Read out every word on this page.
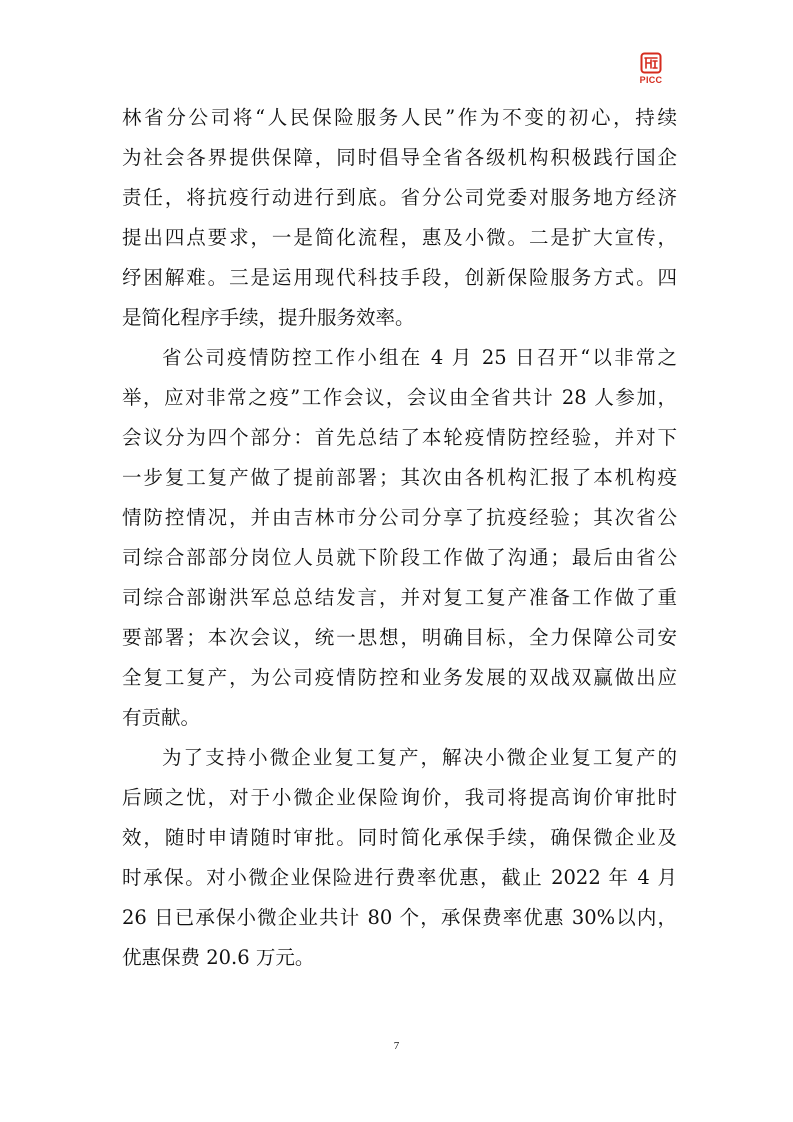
PICC
林省分公司将“人民保险服务人民”作为不变的初心，持续
为社会各界提供保障，同时倡导全省各级机构积极践行国企
责任，将抗疫行动进行到底。省分公司党委对服务地方经济
提出四点要求，一是简化流程，惠及小微。二是扩大宣传，
纾困解难。三是运用现代科技手段，创新保险服务方式。四
是简化程序手续，提升服务效率。
省公司疫情防控工作小组在 4 月 25 日召开“以非常之
举，应对非常之疫”工作会议，会议由全省共计 28 人参加，
会议分为四个部分：首先总结了本轮疫情防控经验，并对下
一步复工复产做了提前部署；其次由各机构汇报了本机构疫
情防控情况，并由吉林市分公司分享了抗疫经验；其次省公
司综合部部分岗位人员就下阶段工作做了沟通；最后由省公
司综合部谢洪军总总结发言，并对复工复产准备工作做了重
要部署；本次会议，统一思想，明确目标，全力保障公司安
全复工复产，为公司疫情防控和业务发展的双战双赢做出应
有贡献。
为了支持小微企业复工复产，解决小微企业复工复产的
后顾之忧，对于小微企业保险询价，我司将提高询价审批时
效，随时申请随时审批。同时简化承保手续，确保微企业及
时承保。对小微企业保险进行费率优惠，截止 2022 年 4 月
26 日已承保小微企业共计 80 个，承保费率优惠 30%以内，
优惠保费 20.6 万元。
7
